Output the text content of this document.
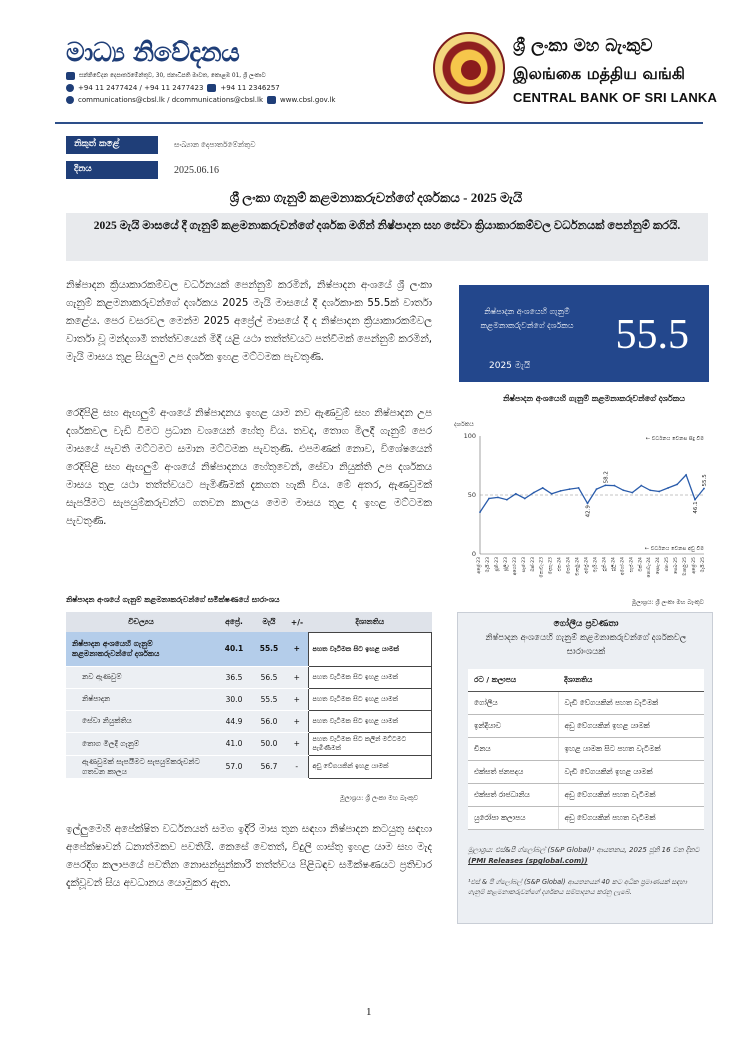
මාධ්‍ය නිවේදනය
සන්නිවේදන දෙපාර්තමේන්තුව, 30, ජනාධිපති මාවත, කොළඹ 01, ශ්‍රී ලංකාව
+94 11 2477424 / +94 11 2477423 +94 11 2346257
communications@cbsl.lk / dcommunications@cbsl.lk www.cbsl.gov.lk
ශ්‍රී ලංකා මහ බැංකුව
இலங்கை மத்திய வங்கி
CENTRAL BANK OF SRI LANKA
නිකුත් කළේ	සංඛ්‍යාන දෙපාර්තමේන්තුව
දිනය	2025.06.16
ශ්‍රී ලංකා ගැනුම් කළමනාකරුවන්ගේ දර්ශකය - 2025 මැයි
2025 මැයි මාසයේ දී ගැනුම් කළමනාකරුවන්ගේ දර්ශක මගින් නිෂ්පාදන සහ සේවා ක්‍රියාකාරකම්වල වර්ධනයක් පෙන්නුම් කරයි.
නිෂ්පාදන ක්‍රියාකාරකම්වල වර්ධනයක් පෙන්නුම් කරමින්, නිෂ්පාදන අංශයේ ශ්‍රී ලංකා ගැනුම් කළමනාකරුවන්ගේ දර්ශකය 2025 මැයි මාසයේ දී දර්ශකාංක 55.5ක් වාර්තා කළේය. පෙර වසරවල මෙන්ම 2025 අප්‍රේල් මාසයේ දී ද නිෂ්පාදන ක්‍රියාකාරකම්වල වාර්තා වූ මන්දගාමී තත්ත්වයෙන් මිදී යළි යථා තත්ත්වයට පත්වීමක් පෙන්නුම් කරමින්, මැයි මාසය තුළ සියලුම උප දර්ශක ඉහළ මට්ටමක පැවතුණි.
රෙදිපිළි සහ ඇඟලුම් අංශයේ නිෂ්පාදනය ඉහළ යාම නව ඇණවුම් සහ නිෂ්පාදන උප දර්ශකවල වැඩි වීමට ප්‍රධාන වශයෙන් හේතු විය. තවද, තොග මිලදී ගැනුම් පෙර මාසයේ පැවති මට්ටමට සමාන මට්ටමක පැවතුණි. එපමණක් නොව, විශේෂයෙන් රෙදිපිළි සහ ඇඟලුම් අංශයේ නිෂ්පාදනය හේතුවෙන්, සේවා නියුක්ති උප දර්ශකය මාසය තුළ යථා තත්ත්වයට පැමිණීමක් දැකගත හැකි විය. මේ අතර, ඇණවුමක් සැපයීමට සැපයුම්කරුවන්ට ගතවන කාලය මෙම මාසය තුළ ද ඉහළ මට්ටමක පැවතුණි.
ඉල්ලුමෙහි අපේක්ෂිත වර්ධනයත් සමග ඉදිරි මාස තුන සඳහා නිෂ්පාදන කටයුතු සඳහා අපේක්ෂාවන් ධනාත්මකව පවතියි. කෙසේ වෙතත්, විදුලි ගාස්තු ඉහළ යාම සහ මැද පෙරදිග කලාපයේ පවතින නොසන්සුන්කාරී තත්ත්වය පිළිබඳව සමීක්ෂණයට ප්‍රතිචාර දැක්වූවන් සිය අවධානය යොමුකර ඇත.
නිෂ්පාදන අංශයෙහි ගැනුම් කළමනාකරුවන්ගේ දර්ශකය
2025 මැයි
55.5
නිෂ්පාදන අංශයෙහි ගැනුම් කළමනාකරුවන්ගේ දර්ශකය
දර්ශකය
0
50
100	← වර්ධනය වෙනස සිදු වීම
← වර්ධනය වෙනස අඩු වීම
42.9
58.2
46.1
55.5
අප්‍රේ-23 මැයි-23 ජූනි-23 ජූලි-23 අගෝ-23 සැප්-23 ඔක්-23 නොවැ-23 දෙසැ-23 ජන-24 පෙබ-24 මාර්තු-24 අප්‍රේ-24 මැයි-24 ජූනි-24 ජූලි-24 අගෝ-24 සැප්-24 ඔක්-24 නොවැ-24 දෙසැ-24 ජන-25 පෙබ-25 මාර්තු-25 අප්‍රේ-25 මැයි-25
මූලාශ්‍රය: ශ්‍රී ලංකා මහ බැංකුව
නිෂ්පාදන අංශයේ ගැනුම් කළමනාකරුවන්ගේ සමීක්ෂණයේ සාරාංශය
විචල්‍යය	අප්‍රේ.	මැයි	+/-	දිශානතිය
නිෂ්පාදන අංශයෙහි ගැනුම් කළමනාකරුවන්ගේ දර්ශකය	40.1	55.5	+	පහත වැටීමක සිට ඉහළ යාමක්
නව ඇණවුම්	36.5	56.5	+	පහත වැටීමක සිට ඉහළ යාමක්
නිෂ්පාදන	30.0	55.5	+	පහත වැටීමක සිට ඉහළ යාමක්
සේවා නියුක්තිය	44.9	56.0	+	පහත වැටීමක සිට ඉහළ යාමක්
තොග මිලදී ගැනුම්	41.0	50.0	+	පහත වැටීමක සිට කලින් මට්ටමට පැමිණීමක්
ඇණවුමක් සැපයීමට සැපයුම්කරුවන්ට ගතවන කාලය	57.0	56.7	-	අඩු වේගයකින් ඉහළ යාමක්
මූලාශ්‍රය: ශ්‍රී ලංකා මහ බැංකුව
ගෝලීය ප්‍රවණතා
නිෂ්පාදන අංශයෙහි ගැනුම් කළමනාකරුවන්ගේ දර්ශකවල සාරාංශයක්
රට / කලාපය	දිශානතිය
ගෝලීය	වැඩි වේගයකින් පහත වැටීමක්
ඉන්දියාව	අඩු වේගයකින් ඉහළ යාමක්
චීනය	ඉහළ යාමක සිට පහත වැටීමක්
එක්සත් ජනපදය	වැඩි වේගයකින් ඉහළ යාමක්
එක්සත් රාජධානිය	අඩු වේගයකින් පහත වැටීමක්
යුරෝපා කලාපය	අඩු වේගයකින් පහත වැටීමක්
මූලාශ්‍රය: එස්&පී ග්ලෝබල් (S&P Global)¹ ආයතනය, 2025 ජූනි 16 වන දිනට (PMI Releases (spglobal.com))
¹එස් & පී ග්ලෝබල් (S&P Global) ආයතනයන් 40 කට අධික ප්‍රමාණයක් සඳහා ගැනුම් කළමනාකරුවන්ගේ දර්ශකය සම්පාදනය කරනු ලැබේ.
1
